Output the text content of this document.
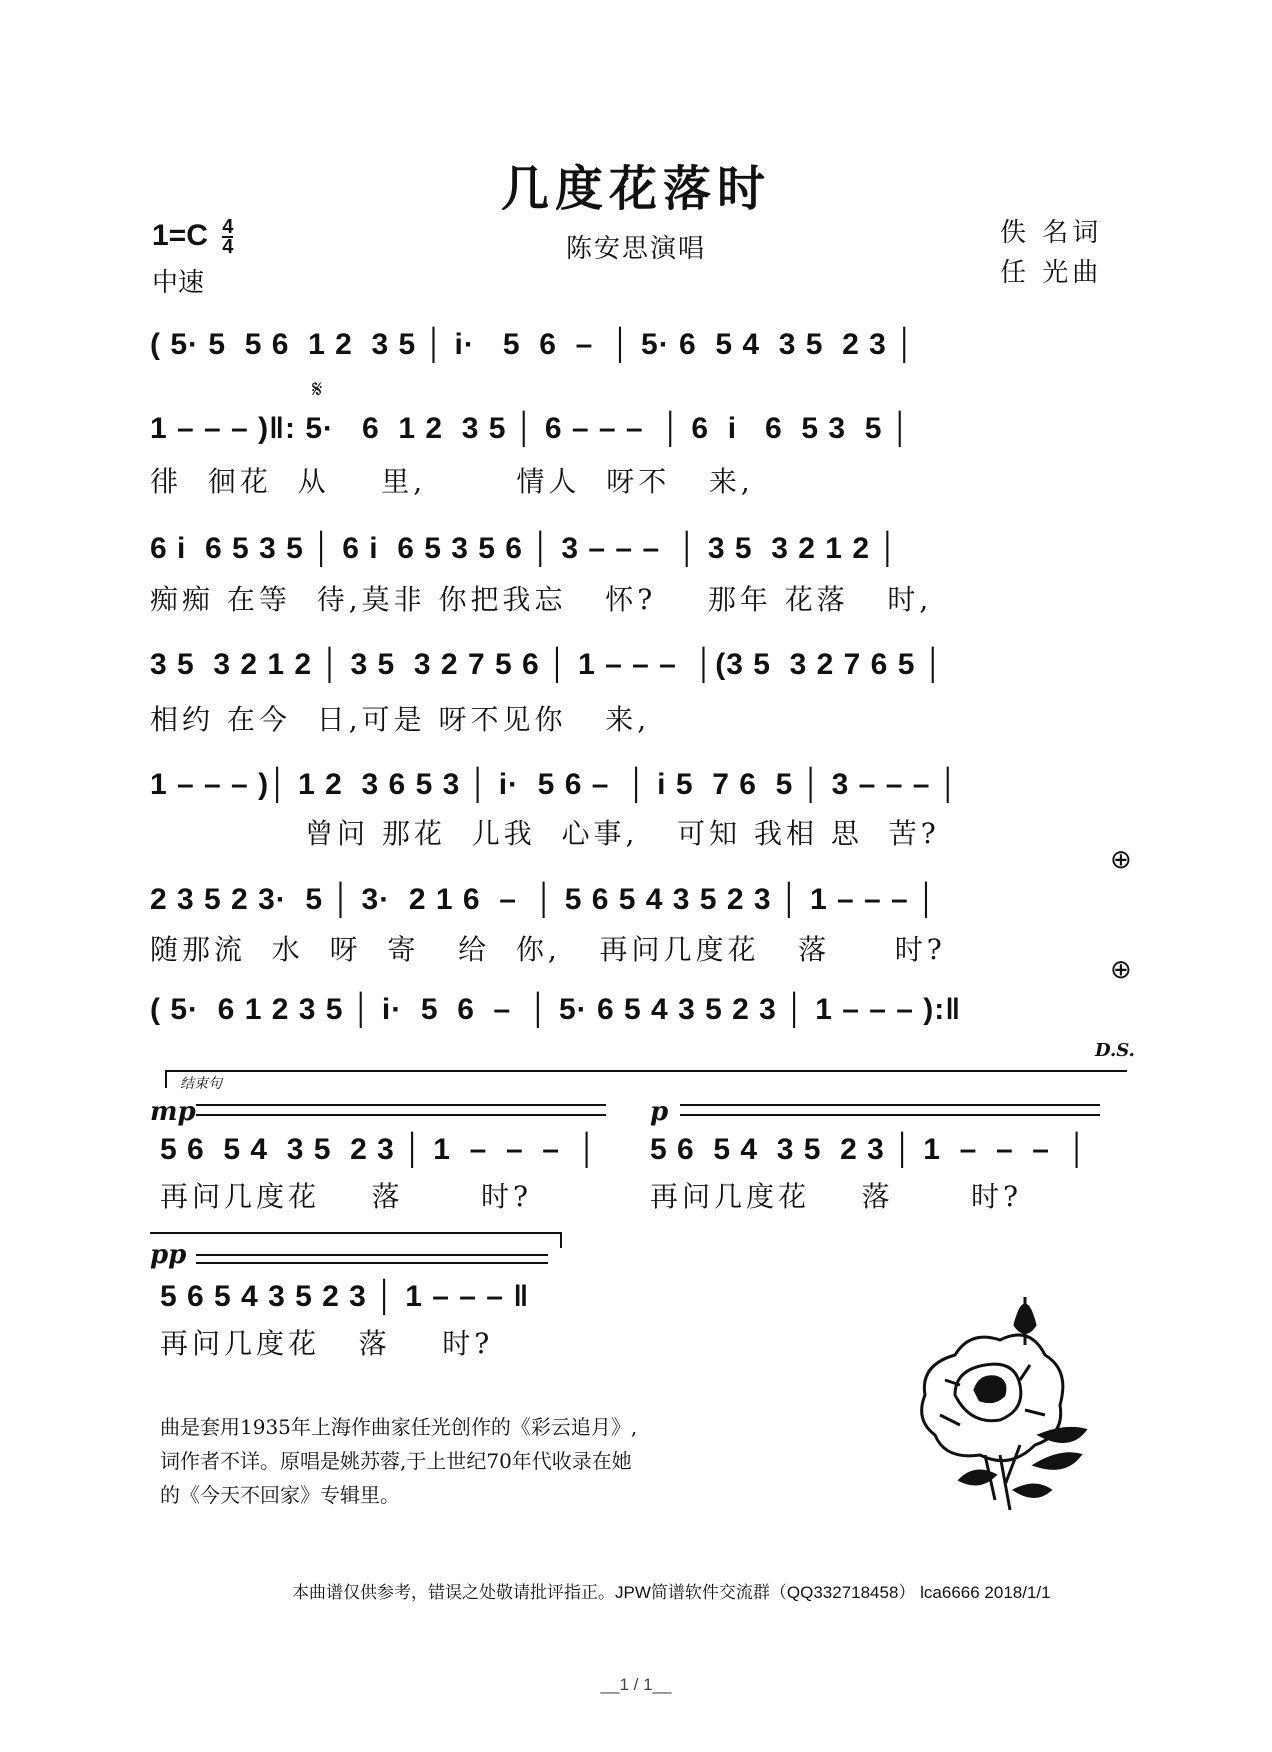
几度花落时
$1=C \frac{4}{4}$
中速
陈安思演唱
佚 名词
任 光曲
( 5· 5  5 6  1 2  3 5 │ i·   5  6  –  │ 5· 6  5 4  3 5  2 3 │
𝄋
1 – – – )‖: 5·   6  1 2  3 5 │ 6 – – –  │ 6  i   6  5 3  5 │
徘  徊花  从    里,       情人  呀不   来,
6 i  6 5 3 5 │ 6 i  6 5 3 5 6 │ 3 – – –  │ 3 5  3 2 1 2 │
痴痴 在等  待,莫非 你把我忘   怀?    那年 花落   时,
3 5  3 2 1 2 │ 3 5  3 2 7 5 6 │ 1 – – –  │(3 5  3 2 7 6 5 │
相约 在今  日,可是 呀不见你   来,
1 – – – )│ 1 2  3 6 5 3 │ i·  5 6 –  │ i 5  7 6  5 │ 3 – – – │
曾问 那花  儿我  心事,   可知 我相 思  苦?
⊕
2 3 5 2 3·  5 │ 3·  2 1 6  –  │ 5 6 5 4 3 5 2 3 │ 1 – – – │
随那流  水  呀  寄   给  你,   再问几度花   落     时?
⊕
( 5·  6 1 2 3 5 │ i·  5  6  –  │ 5· 6 5 4 3 5 2 3 │ 1 – – – ):‖
D.S.
结束句
mp
5 6  5 4  3 5  2 3 │ 1  –  –  –  │
再问几度花    落      时?
p
5 6  5 4  3 5  2 3 │ 1  –  –  –  │
再问几度花    落      时?
pp
5 6 5 4 3 5 2 3 │ 1 – – – ‖
再问几度花   落    时?
曲是套用1935年上海作曲家任光创作的《彩云追月》,
词作者不详。原唱是姚苏蓉,于上世纪70年代收录在她
的《今天不回家》专辑里。
本曲谱仅供参考，错误之处敬请批评指正。JPW简谱软件交流群（QQ332718458） lca6666 2018/1/1
__1 / 1__
